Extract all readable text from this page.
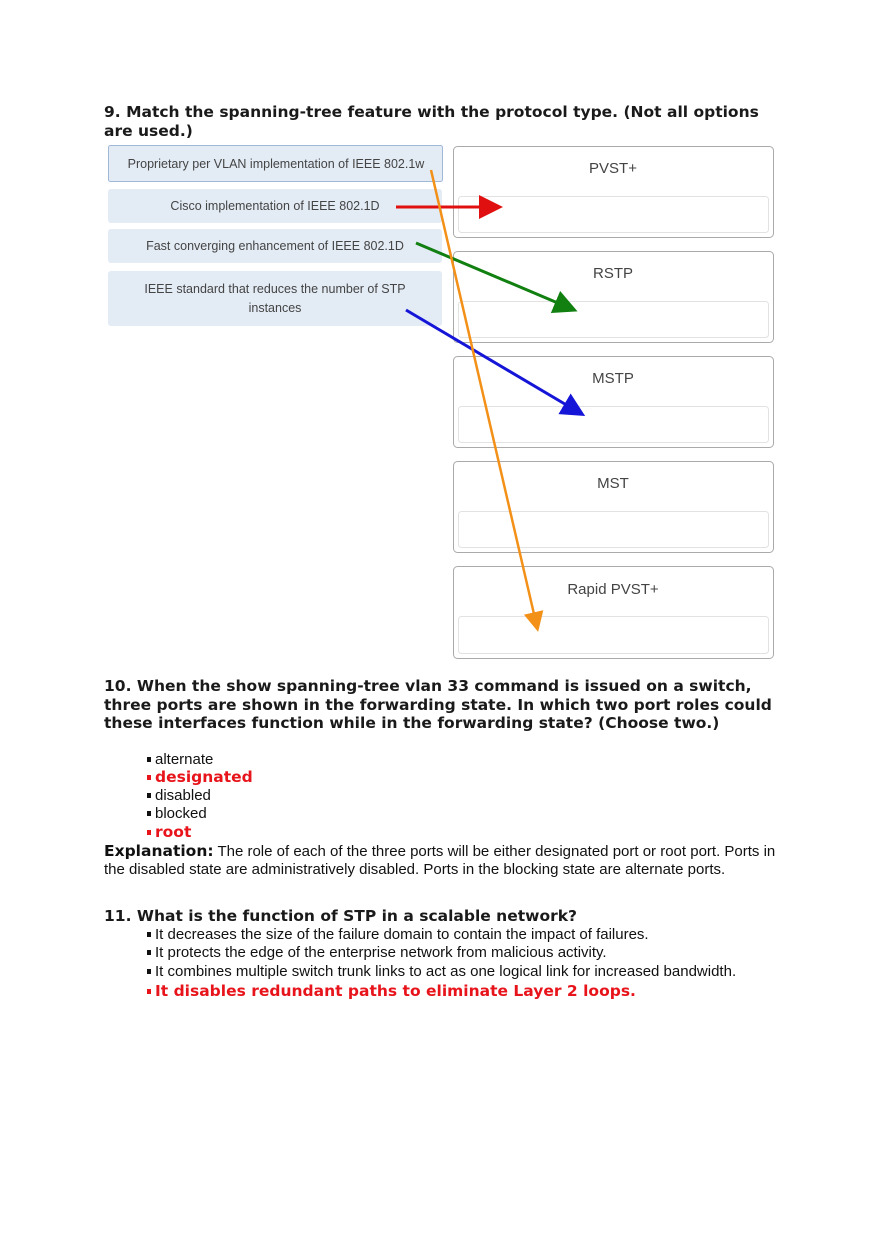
9. Match the spanning-tree feature with the protocol type. (Not all options are used.)
Proprietary per VLAN implementation of IEEE 802.1w
Cisco implementation of IEEE 802.1D
Fast converging enhancement of IEEE 802.1D
IEEE standard that reduces the number of STP
instances
PVST+
RSTP
MSTP
MST
Rapid PVST+
10. When the show spanning-tree vlan 33 command is issued on a switch, three ports are shown in the forwarding state. In which two port roles could these interfaces function while in the forwarding state? (Choose two.)
alternate
designated
disabled
blocked
root
Explanation: The role of each of the three ports will be either designated port or root port. Ports in the disabled state are administratively disabled. Ports in the blocking state are alternate ports.
11. What is the function of STP in a scalable network?
It decreases the size of the failure domain to contain the impact of failures.
It protects the edge of the enterprise network from malicious activity.
It combines multiple switch trunk links to act as one logical link for increased bandwidth.
It disables redundant paths to eliminate Layer 2 loops.
